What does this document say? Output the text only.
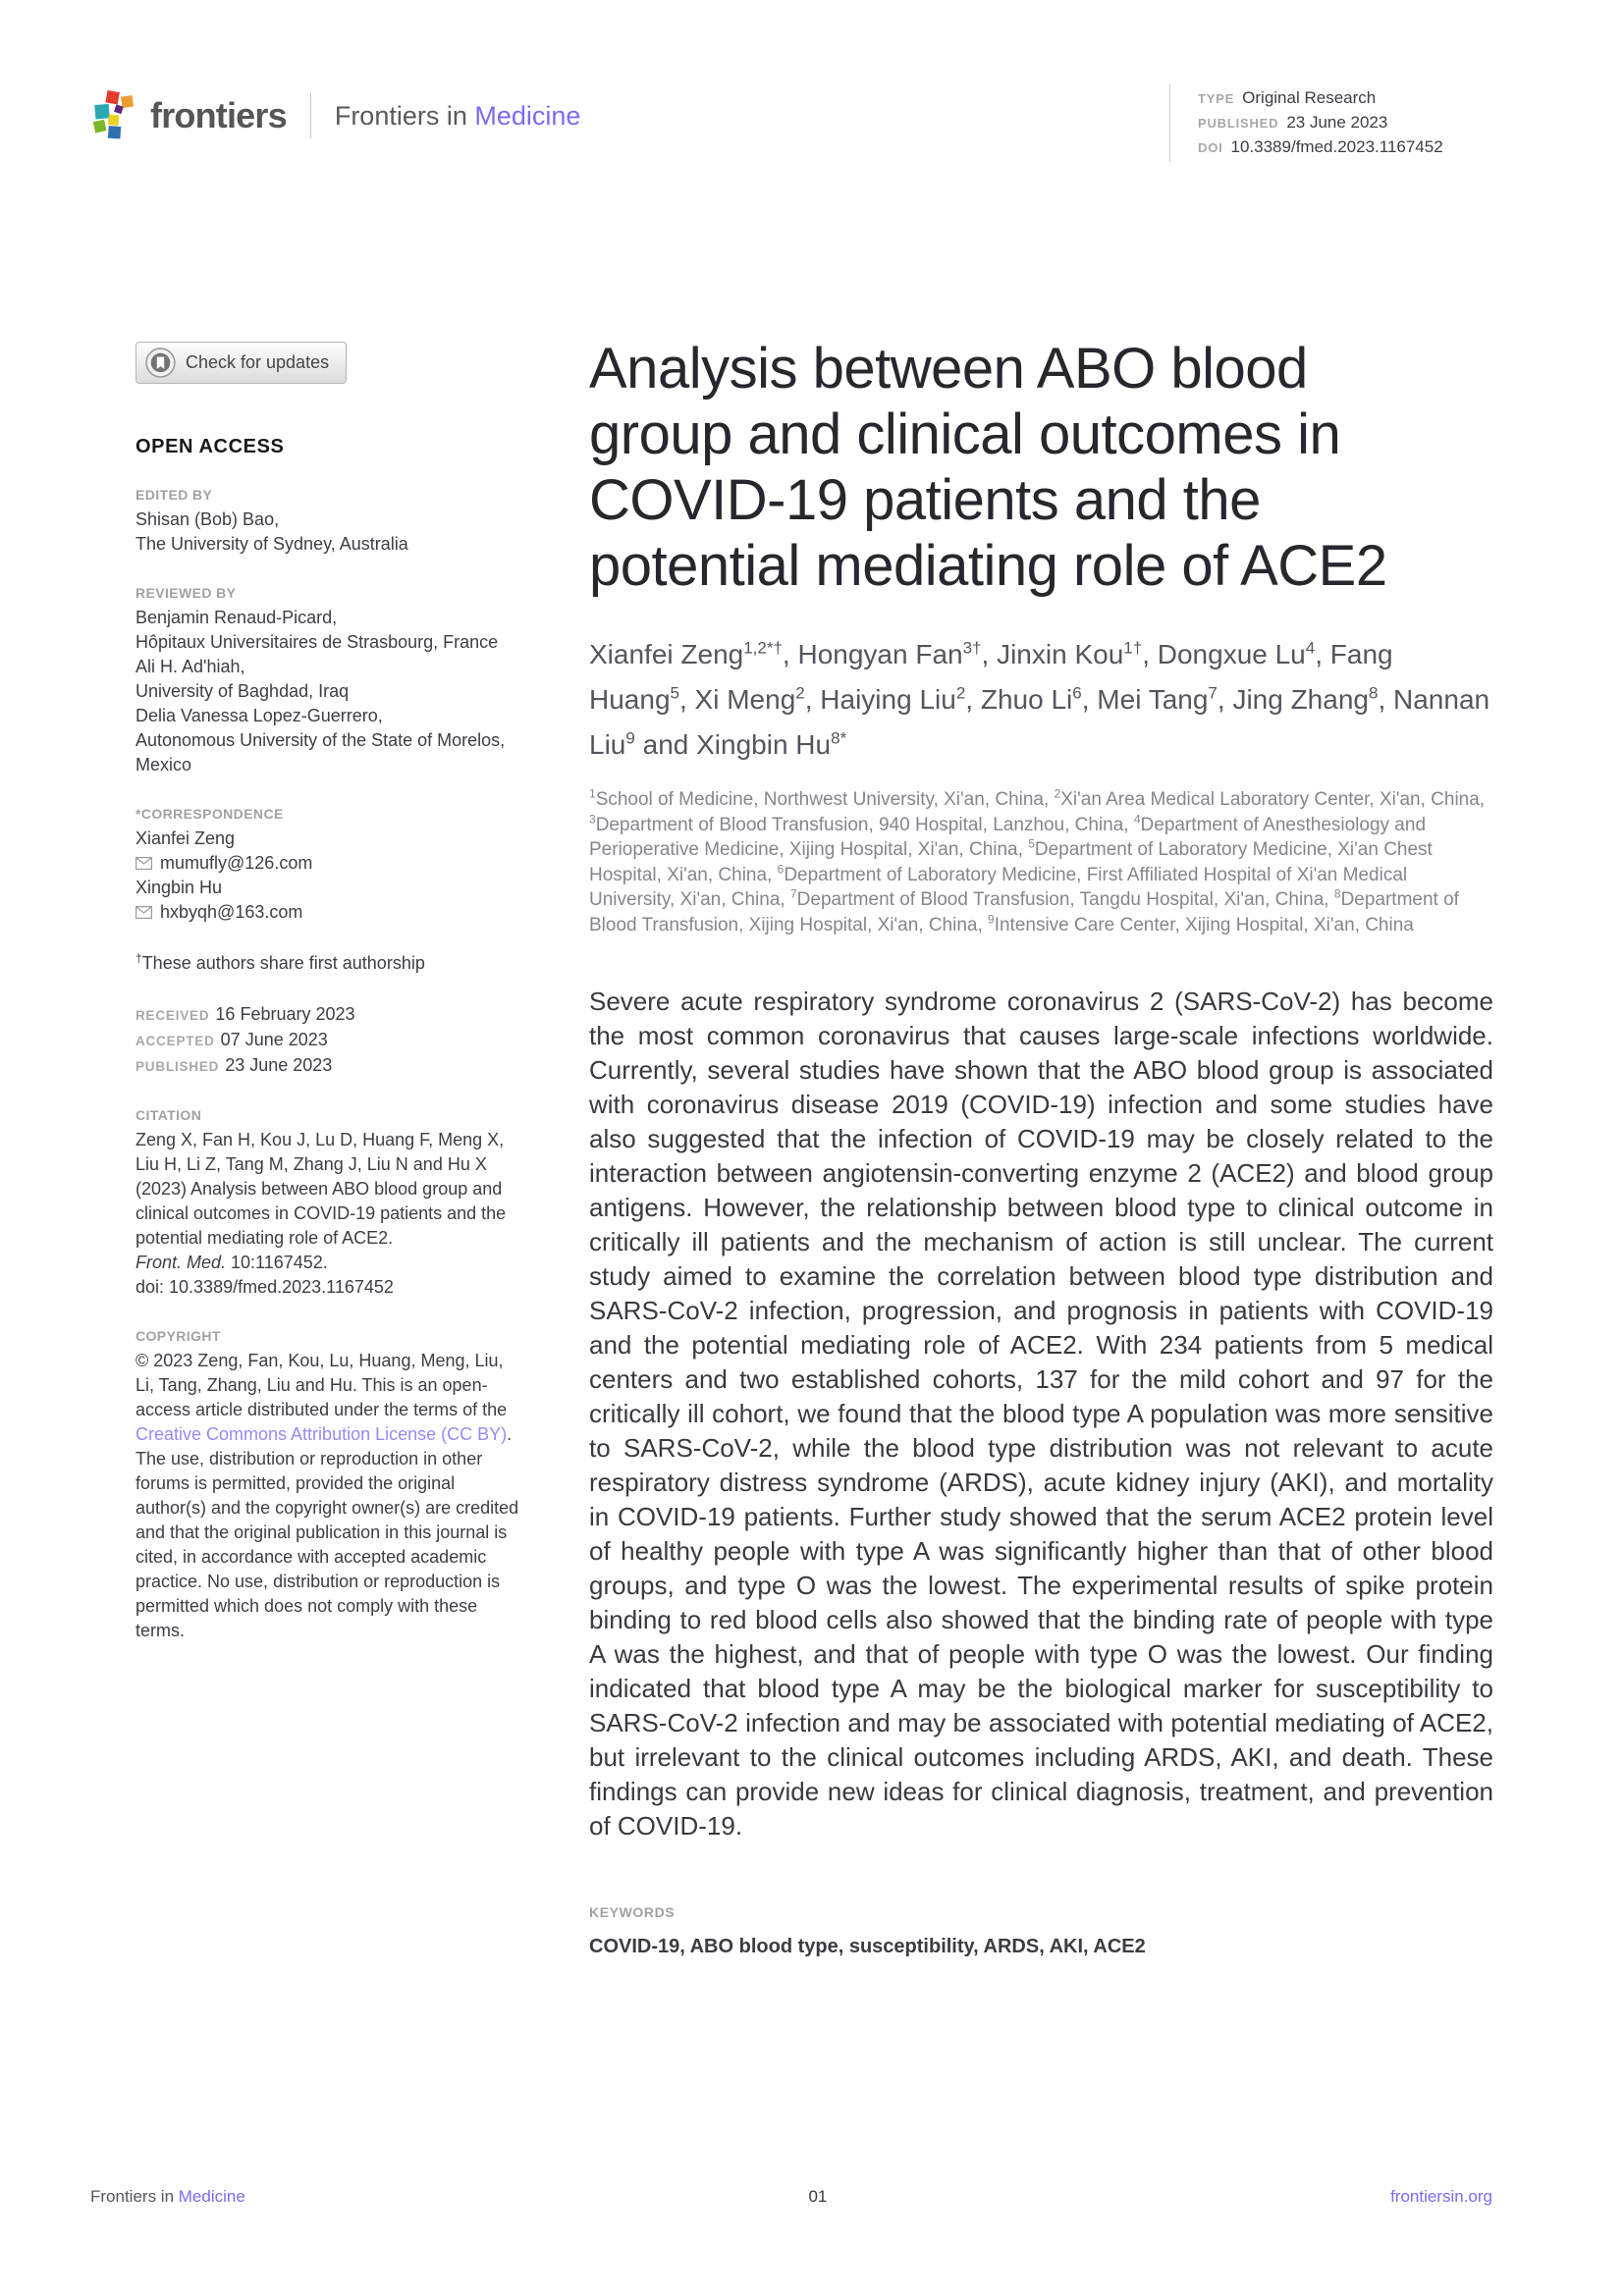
frontiers Frontiers in Medicine
TYPE Original Research
PUBLISHED 23 June 2023
DOI 10.3389/fmed.2023.1167452
Check for updates
OPEN ACCESS
EDITED BY
Shisan (Bob) Bao,
The University of Sydney, Australia
REVIEWED BY
Benjamin Renaud-Picard,
Hôpitaux Universitaires de Strasbourg, France
Ali H. Ad'hiah,
University of Baghdad, Iraq
Delia Vanessa Lopez-Guerrero,
Autonomous University of the State of Morelos, Mexico
*CORRESPONDENCE
Xianfei Zeng
mumufly@126.com
Xingbin Hu
hxbyqh@163.com
†These authors share first authorship
RECEIVED 16 February 2023
ACCEPTED 07 June 2023
PUBLISHED 23 June 2023
CITATION
Zeng X, Fan H, Kou J, Lu D, Huang F, Meng X, Liu H, Li Z, Tang M, Zhang J, Liu N and Hu X (2023) Analysis between ABO blood group and clinical outcomes in COVID-19 patients and the potential mediating role of ACE2.
Front. Med. 10:1167452.
doi: 10.3389/fmed.2023.1167452
COPYRIGHT
© 2023 Zeng, Fan, Kou, Lu, Huang, Meng, Liu, Li, Tang, Zhang, Liu and Hu. This is an open-access article distributed under the terms of the Creative Commons Attribution License (CC BY). The use, distribution or reproduction in other forums is permitted, provided the original author(s) and the copyright owner(s) are credited and that the original publication in this journal is cited, in accordance with accepted academic practice. No use, distribution or reproduction is permitted which does not comply with these terms.
Analysis between ABO blood
group and clinical outcomes in
COVID-19 patients and the
potential mediating role of ACE2
Xianfei Zeng$^{1,2*\dagger}$, Hongyan Fan$^{3\dagger}$, Jinxin Kou$^{1\dagger}$, Dongxue Lu$^4$, Fang Huang$^5$, Xi Meng$^2$, Haiying Liu$^2$, Zhuo Li$^6$, Mei Tang$^7$, Jing Zhang$^8$, Nannan Liu$^9$ and Xingbin $Hu^{8*}$

$^1$School of Medicine, Northwest University, Xi'an, China, $^2$Xi'an Area Medical Laboratory Center, Xi'an, China, $^3$Department of Blood Transfusion, 940 Hospital, Lanzhou, China, $^4$Department of Anesthesiology and Perioperative Medicine, Xijing Hospital, Xi'an, China, $^5$Department of Laboratory Medicine, Xi'an Chest Hospital, Xi'an, China, $^6$Department of Laboratory Medicine, First Affiliated Hospital of Xi'an Medical University, Xi'an, China, $^7$Department of Blood Transfusion, Tangdu Hospital, Xi'an, China, $^8$Department of Blood Transfusion, Xijing Hospital, Xi'an, China, $^9$Intensive Care Center, Xijing Hospital, Xi'an, China

Severe acute respiratory syndrome coronavirus 2 (SARS-CoV-2) has become the most common coronavirus that causes large-scale infections worldwide. Currently, several studies have shown that the ABO blood group is associated with coronavirus disease 2019 (COVID-19) infection and some studies have also suggested that the infection of COVID-19 may be closely related to the interaction between angiotensin-converting enzyme 2 (ACE2) and blood group antigens. However, the relationship between blood type to clinical outcome in critically ill patients and the mechanism of action is still unclear. The current study aimed to examine the correlation between blood type distribution and SARS-CoV-2 infection, progression, and prognosis in patients with COVID-19 and the potential mediating role of ACE2. With 234 patients from 5 medical centers and two established cohorts, 137 for the mild cohort and 97 for the critically ill cohort, we found that the blood type A population was more sensitive to SARS-CoV-2, while the blood type distribution was not relevant to acute respiratory distress syndrome (ARDS), acute kidney injury (AKI), and mortality in COVID-19 patients. Further study showed that the serum ACE2 protein level of healthy people with type A was significantly higher than that of other blood groups, and type O was the lowest. The experimental results of spike protein binding to red blood cells also showed that the binding rate of people with type A was the highest, and that of people with type O was the lowest. Our finding indicated that blood type A may be the biological marker for susceptibility to SARS-CoV-2 infection and may be associated with potential mediating of ACE2, but irrelevant to the clinical outcomes including ARDS, AKI, and death. These findings can provide new ideas for clinical diagnosis, treatment, and prevention of COVID-19.

KEYWORDS
COVID-19, ABO blood type, susceptibility, ARDS, AKI, ACE2
Frontiers in Medicine	01	frontiersin.org
